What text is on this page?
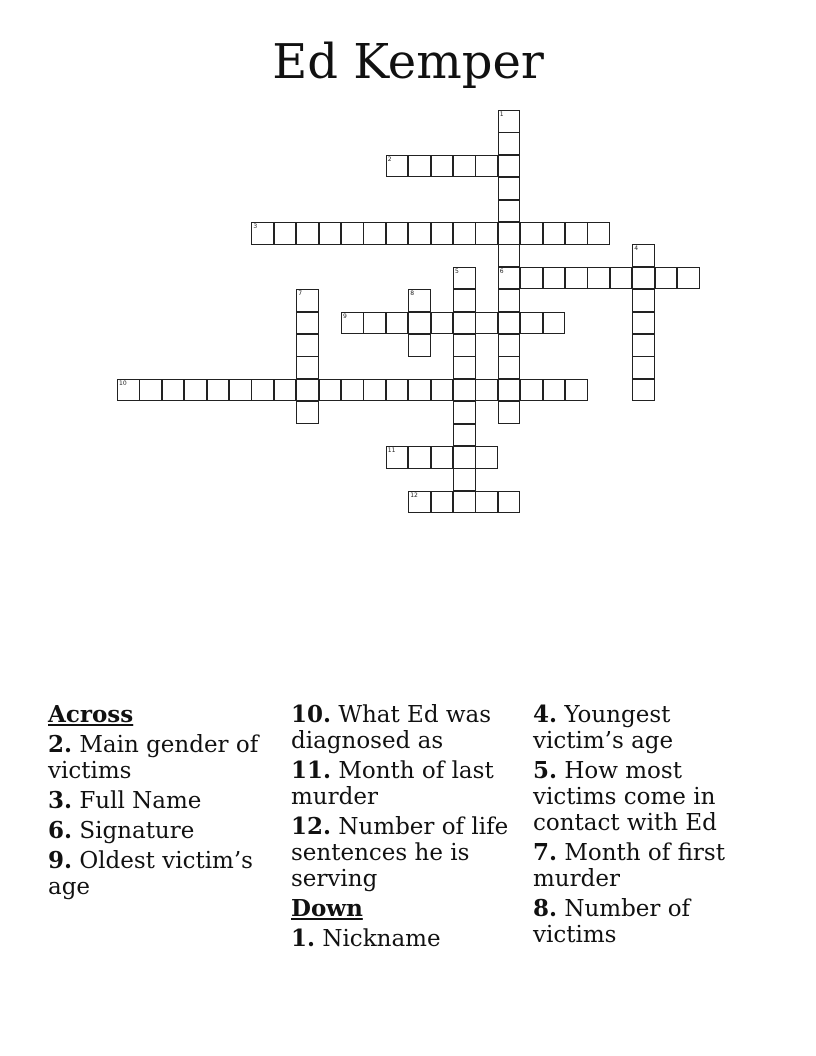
Ed Kemper
1
6
2
3
4
5
7	8
9
10
11
12
Across
2. Main gender of victims
3. Full Name
6. Signature
9. Oldest victim’s age
10. What Ed was diagnosed as
11. Month of last murder
12. Number of life sentences he is serving
Down
1. Nickname
4. Youngest victim’s age
5. How most victims come in contact with Ed
7. Month of first murder
8. Number of victims
